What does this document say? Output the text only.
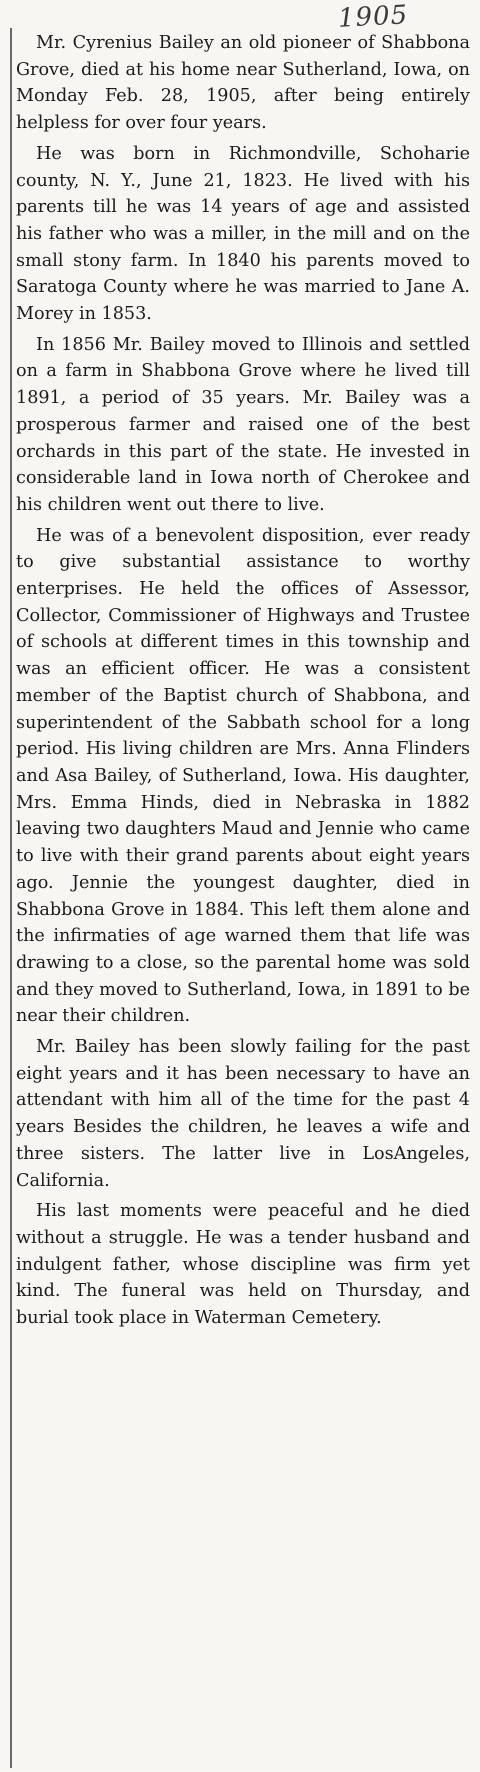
1905

Mr. Cyrenius Bailey an old pioneer of Shabbona Grove, died at his home near Sutherland, Iowa, on Monday Feb. 28, 1905, after being entirely helpless for over four years.

He was born in Richmondville, Schoharie county, N. Y., June 21, 1823. He lived with his parents till he was 14 years of age and assisted his father who was a miller, in the mill and on the small stony farm. In 1840 his parents moved to Saratoga County where he was married to Jane A. Morey in 1853.

In 1856 Mr. Bailey moved to Illinois and settled on a farm in Shabbona Grove where he lived till 1891, a period of 35 years. Mr. Bailey was a prosperous farmer and raised one of the best orchards in this part of the state. He invested in considerable land in Iowa north of Cherokee and his children went out there to live.

He was of a benevolent disposition, ever ready to give substantial assistance to worthy enterprises. He held the offices of Assessor, Collector, Commissioner of Highways and Trustee of schools at different times in this township and was an efficient officer. He was a consistent member of the Baptist church of Shabbona, and superintendent of the Sabbath school for a long period. His living children are Mrs. Anna Flinders and Asa Bailey, of Sutherland, Iowa. His daughter, Mrs. Emma Hinds, died in Nebraska in 1882 leaving two daughters Maud and Jennie who came to live with their grand parents about eight years ago. Jennie the youngest daughter, died in Shabbona Grove in 1884. This left them alone and the infirmaties of age warned them that life was drawing to a close, so the parental home was sold and they moved to Sutherland, Iowa, in 1891 to be near their children.

Mr. Bailey has been slowly failing for the past eight years and it has been necessary to have an attendant with him all of the time for the past 4 years Besides the children, he leaves a wife and three sisters. The latter live in LosAngeles, California.

His last moments were peaceful and he died without a struggle. He was a tender husband and indulgent father, whose discipline was firm yet kind. The funeral was held on Thursday, and burial took place in Waterman Cemetery.
